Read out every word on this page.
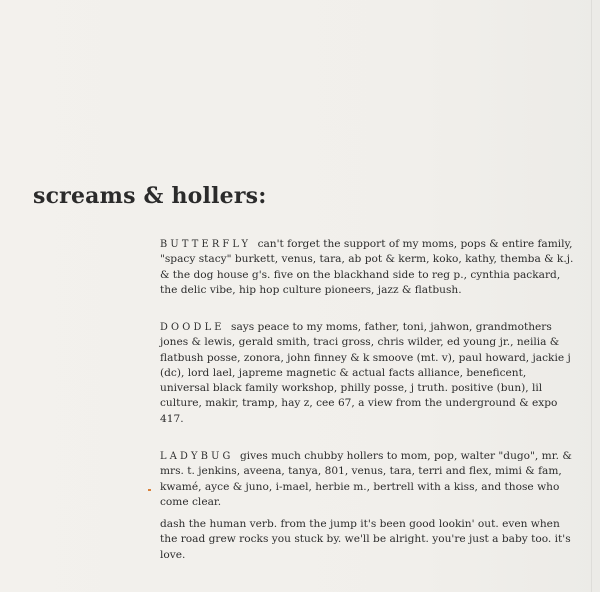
screams & hollers:
BUTTERFLY can't forget the support of my moms, pops & entire family, "spacy stacy" burkett, venus, tara, ab pot & kerm, koko, kathy, themba & k.j. & the dog house g's. five on the blackhand side to reg p., cynthia packard, the delic vibe, hip hop culture pioneers, jazz & flatbush.
DOODLE says peace to my moms, father, toni, jahwon, grandmothers jones & lewis, gerald smith, traci gross, chris wilder, ed young jr., neilia & flatbush posse, zonora, john finney & k smoove (mt. v), paul howard, jackie j (dc), lord lael, japreme magnetic & actual facts alliance, beneficent, universal black family workshop, philly posse, j truth. positive (bun), lil culture, makir, tramp, hay z, cee 67, a view from the underground & expo 417.
LADYBUG gives much chubby hollers to mom, pop, walter "dugo", mr. & mrs. t. jenkins, aveena, tanya, 801, venus, tara, terri and flex, mimi & fam, kwamé, ayce & juno, i-mael, herbie m., bertrell with a kiss, and those who come clear.
dash the human verb. from the jump it's been good lookin' out. even when the road grew rocks you stuck by. we'll be alright. you're just a baby too. it's love.
